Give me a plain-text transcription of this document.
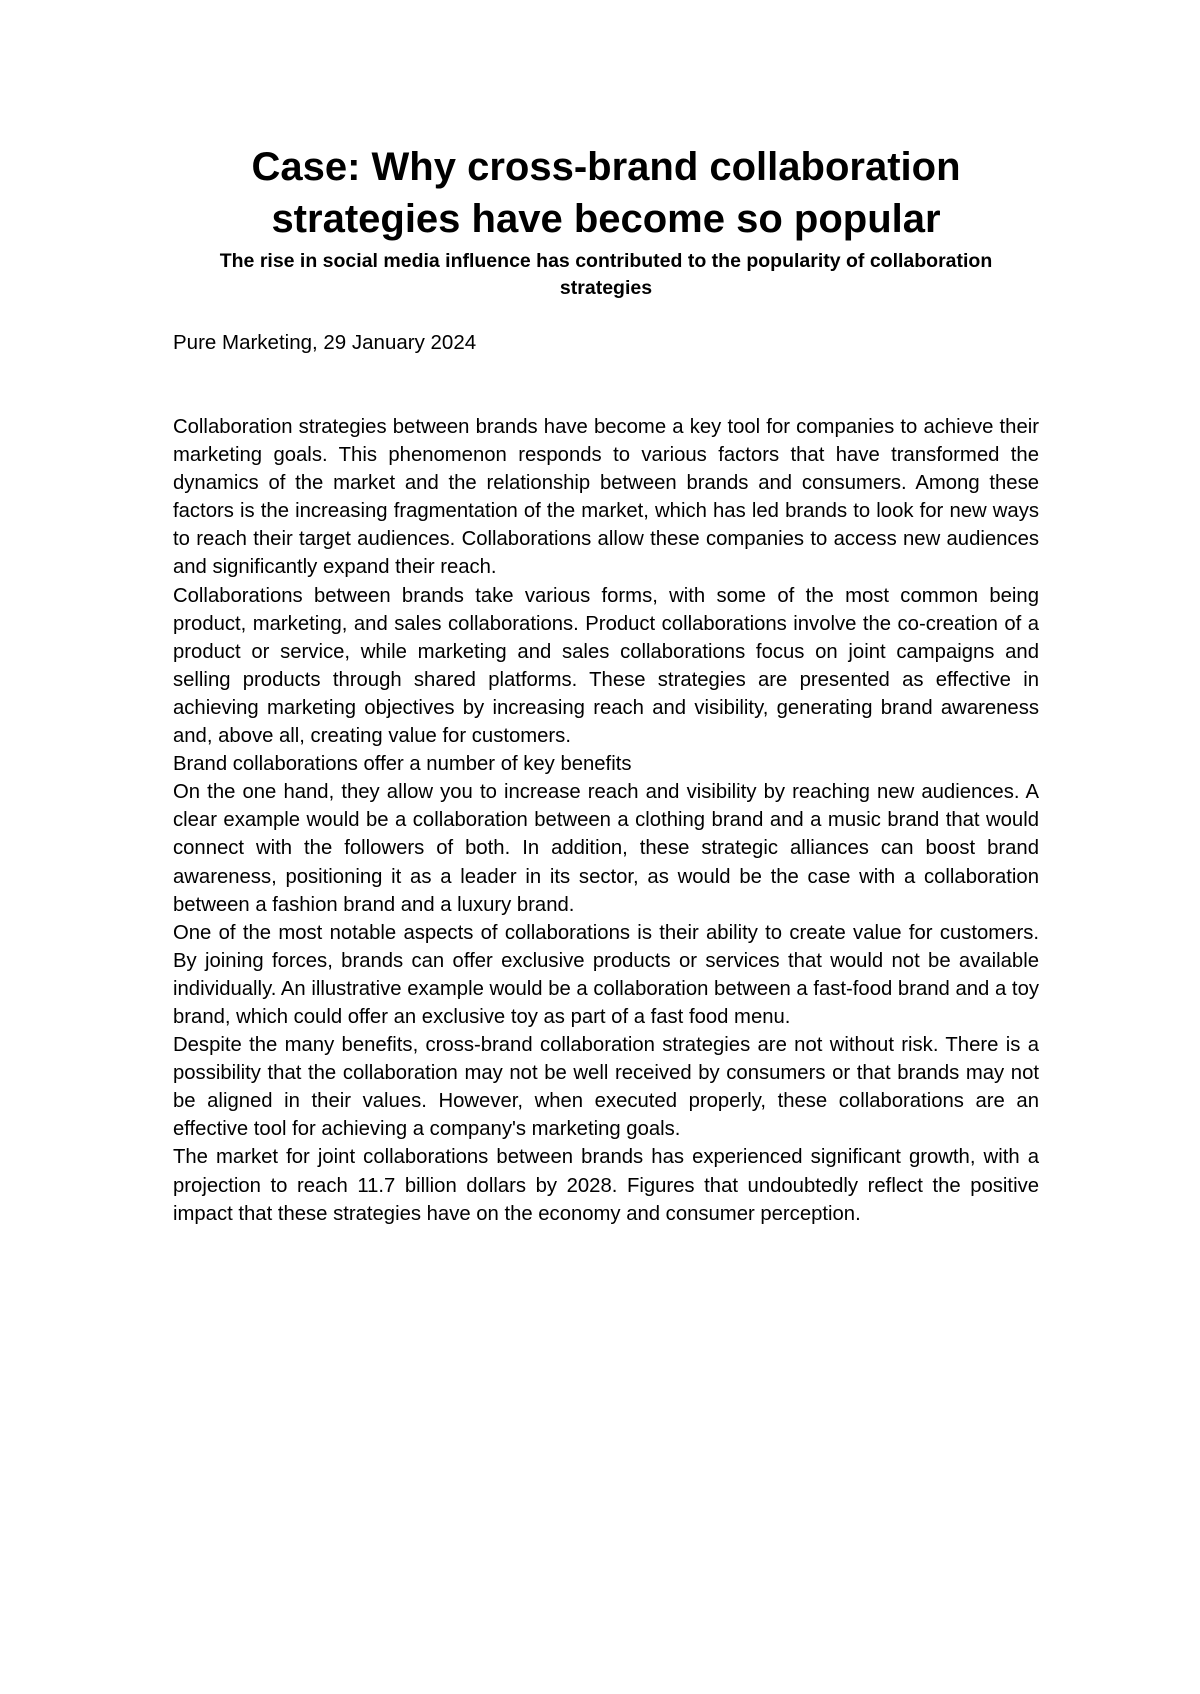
Case: Why cross-brand collaboration strategies have become so popular
The rise in social media influence has contributed to the popularity of collaboration strategies

Pure Marketing, 29 January 2024

Collaboration strategies between brands have become a key tool for companies to achieve their marketing goals. This phenomenon responds to various factors that have transformed the dynamics of the market and the relationship between brands and consumers. Among these factors is the increasing fragmentation of the market, which has led brands to look for new ways to reach their target audiences. Collaborations allow these companies to access new audiences and significantly expand their reach.

Collaborations between brands take various forms, with some of the most common being product, marketing, and sales collaborations. Product collaborations involve the co-creation of a product or service, while marketing and sales collaborations focus on joint campaigns and selling products through shared platforms. These strategies are presented as effective in achieving marketing objectives by increasing reach and visibility, generating brand awareness and, above all, creating value for customers.

Brand collaborations offer a number of key benefits

On the one hand, they allow you to increase reach and visibility by reaching new audiences. A clear example would be a collaboration between a clothing brand and a music brand that would connect with the followers of both. In addition, these strategic alliances can boost brand awareness, positioning it as a leader in its sector, as would be the case with a collaboration between a fashion brand and a luxury brand.

One of the most notable aspects of collaborations is their ability to create value for customers. By joining forces, brands can offer exclusive products or services that would not be available individually. An illustrative example would be a collaboration between a fast-food brand and a toy brand, which could offer an exclusive toy as part of a fast food menu.

Despite the many benefits, cross-brand collaboration strategies are not without risk. There is a possibility that the collaboration may not be well received by consumers or that brands may not be aligned in their values. However, when executed properly, these collaborations are an effective tool for achieving a company's marketing goals.

The market for joint collaborations between brands has experienced significant growth, with a projection to reach 11.7 billion dollars by 2028. Figures that undoubtedly reflect the positive impact that these strategies have on the economy and consumer perception.
